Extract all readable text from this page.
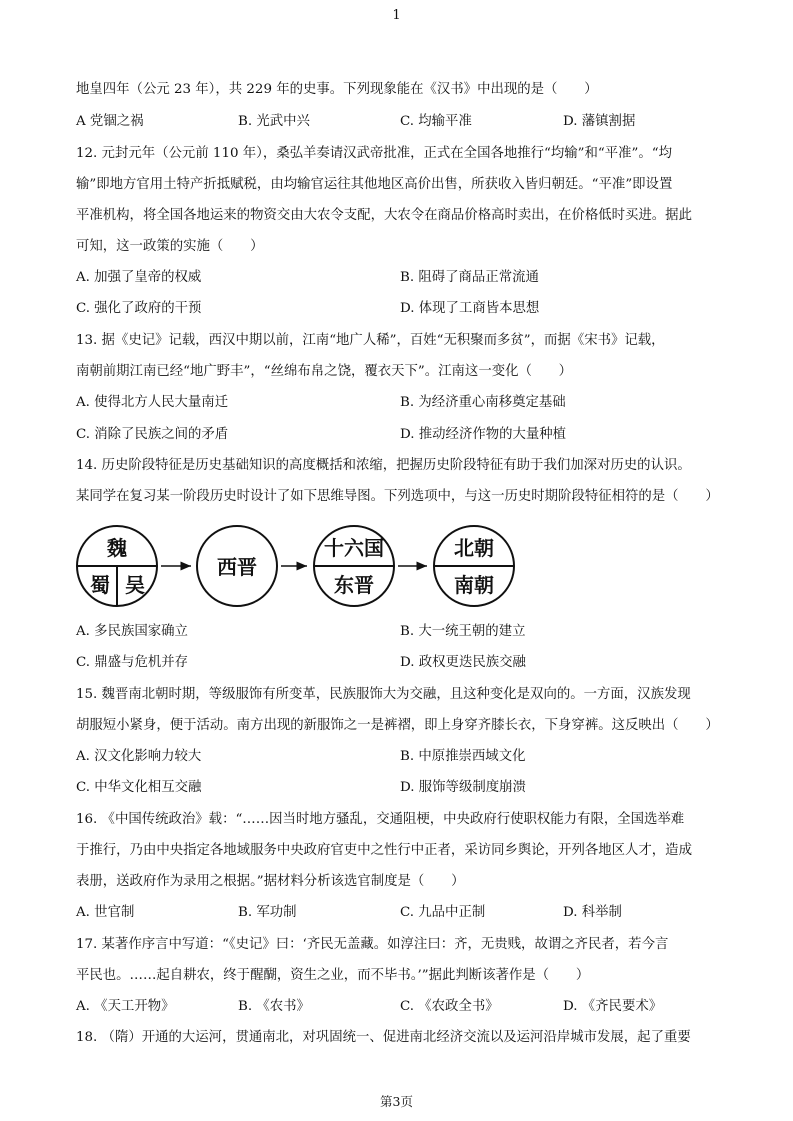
1
地皇四年（公元 23 年），共 229 年的史事。下列现象能在《汉书》中出现的是（　　）
A 党锢之祸	B. 光武中兴	C. 均输平准	D. 藩镇割据
12. 元封元年（公元前 110 年），桑弘羊奏请汉武帝批准，正式在全国各地推行“均输”和“平准”。“均
输”即地方官用土特产折抵赋税，由均输官运往其他地区高价出售，所获收入皆归朝廷。“平准”即设置
平准机构，将全国各地运来的物资交由大农令支配，大农令在商品价格高时卖出，在价格低时买进。据此
可知，这一政策的实施（　　）
A. 加强了皇帝的权威	B. 阻碍了商品正常流通
C. 强化了政府的干预	D. 体现了工商皆本思想
13. 据《史记》记载，西汉中期以前，江南“地广人稀”，百姓“无积聚而多贫”，而据《宋书》记载，
南朝前期江南已经“地广野丰”，“丝绵布帛之饶，覆衣天下”。江南这一变化（　　）
A. 使得北方人民大量南迁	B. 为经济重心南移奠定基础
C. 消除了民族之间的矛盾	D. 推动经济作物的大量种植
14. 历史阶段特征是历史基础知识的高度概括和浓缩，把握历史阶段特征有助于我们加深对历史的认识。
某同学在复习某一阶段历史时设计了如下思维导图。下列选项中，与这一历史时期阶段特征相符的是（　　）
魏
蜀 吴
西晋
十六国
东晋
北朝
南朝
A. 多民族国家确立	B. 大一统王朝的建立
C. 鼎盛与危机并存	D. 政权更迭民族交融
15. 魏晋南北朝时期，等级服饰有所变革，民族服饰大为交融，且这种变化是双向的。一方面，汉族发现
胡服短小紧身，便于活动。南方出现的新服饰之一是裤褶，即上身穿齐膝长衣，下身穿裤。这反映出（　　）
A. 汉文化影响力较大	B. 中原推崇西域文化
C. 中华文化相互交融	D. 服饰等级制度崩溃
16. 《中国传统政治》载：“……因当时地方骚乱，交通阻梗，中央政府行使职权能力有限，全国选举难
于推行，乃由中央指定各地域服务中央政府官吏中之性行中正者，采访同乡舆论，开列各地区人才，造成
表册，送政府作为录用之根据。”据材料分析该选官制度是（　　）
A. 世官制	B. 军功制	C. 九品中正制	D. 科举制
17. 某著作序言中写道：“《史记》曰：‘齐民无盖藏。如淳注曰：齐，无贵贱，故谓之齐民者，若今言
平民也。……起自耕农，终于醒醐，资生之业，而不毕书。’”据此判断该著作是（　　）
A. 《天工开物》	B. 《农书》	C. 《农政全书》	D. 《齐民要术》
18. （隋）开通的大运河，贯通南北，对巩固统一、促进南北经济交流以及运河沿岸城市发展，起了重要
第3页
